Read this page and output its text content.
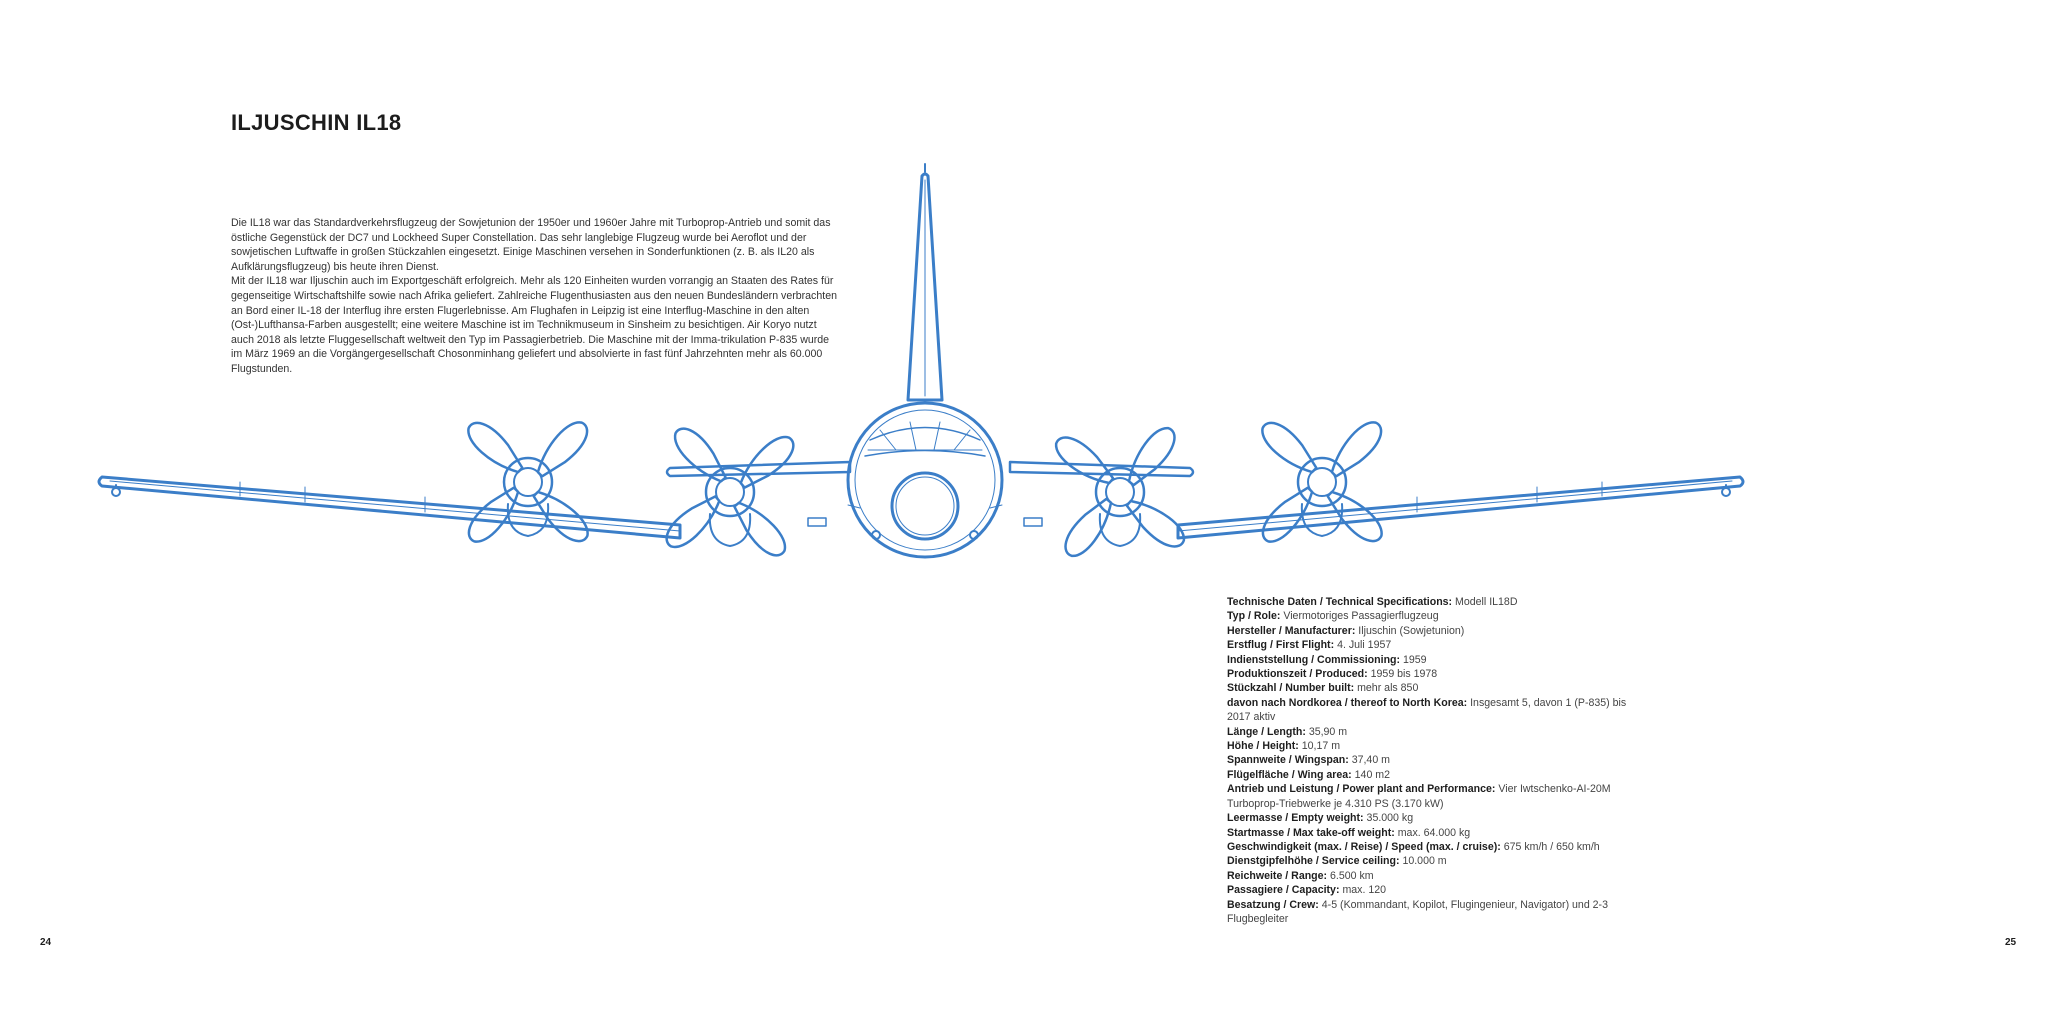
ILJUSCHIN IL18

Die IL18 war das Standardverkehrsflugzeug der Sowjetunion der 1950er und 1960er Jahre mit Turboprop-Antrieb und somit das östliche Gegenstück der DC7 und Lockheed Super Constellation. Das sehr langlebige Flugzeug wurde bei Aeroflot und der sowjetischen Luftwaffe in großen Stückzahlen eingesetzt. Einige Maschinen versehen in Sonderfunktionen (z. B. als IL20 als Aufklärungsflugzeug) bis heute ihren Dienst.

Mit der IL18 war Iljuschin auch im Exportgeschäft erfolgreich. Mehr als 120 Einheiten wurden vorrangig an Staaten des Rates für gegenseitige Wirtschaftshilfe sowie nach Afrika geliefert. Zahlreiche Flugenthusiasten aus den neuen Bundesländern verbrachten an Bord einer IL-18 der Interflug ihre ersten Flugerlebnisse. Am Flughafen in Leipzig ist eine Interflug-Maschine in den alten (Ost-)Lufthansa-Farben ausgestellt; eine weitere Maschine ist im Technikmuseum in Sinsheim zu besichtigen. Air Koryo nutzt auch 2018 als letzte Fluggesellschaft weltweit den Typ im Passagierbetrieb. Die Maschine mit der Imma-trikulation P-835 wurde im März 1969 an die Vorgängergesellschaft Chosonminhang geliefert und absolvierte in fast fünf Jahrzehnten mehr als 60.000 Flugstunden.

Technische Daten / Technical Specifications: Modell IL18D
Typ / Role: Viermotoriges Passagierflugzeug
Hersteller / Manufacturer: Iljuschin (Sowjetunion)
Erstflug / First Flight: 4. Juli 1957
Indienststellung / Commissioning: 1959
Produktionszeit / Produced: 1959 bis 1978
Stückzahl / Number built: mehr als 850
davon nach Nordkorea / thereof to North Korea: Insgesamt 5, davon 1 (P-835) bis 2017 aktiv
Länge / Length: 35,90 m
Höhe / Height: 10,17 m
Spannweite / Wingspan: 37,40 m
Flügelfläche / Wing area: 140 m2
Antrieb und Leistung / Power plant and Performance: Vier Iwtschenko-AI-20M Turboprop-Triebwerke je 4.310 PS (3.170 kW)
Leermasse / Empty weight: 35.000 kg
Startmasse / Max take-off weight: max. 64.000 kg
Geschwindigkeit (max. / Reise) / Speed (max. / cruise): 675 km/h / 650 km/h
Dienstgipfelhöhe / Service ceiling: 10.000 m
Reichweite / Range: 6.500 km
Passagiere / Capacity: max. 120
Besatzung / Crew: 4-5 (Kommandant, Kopilot, Flugingenieur, Navigator) und 2-3 Flugbegleiter
24	25
